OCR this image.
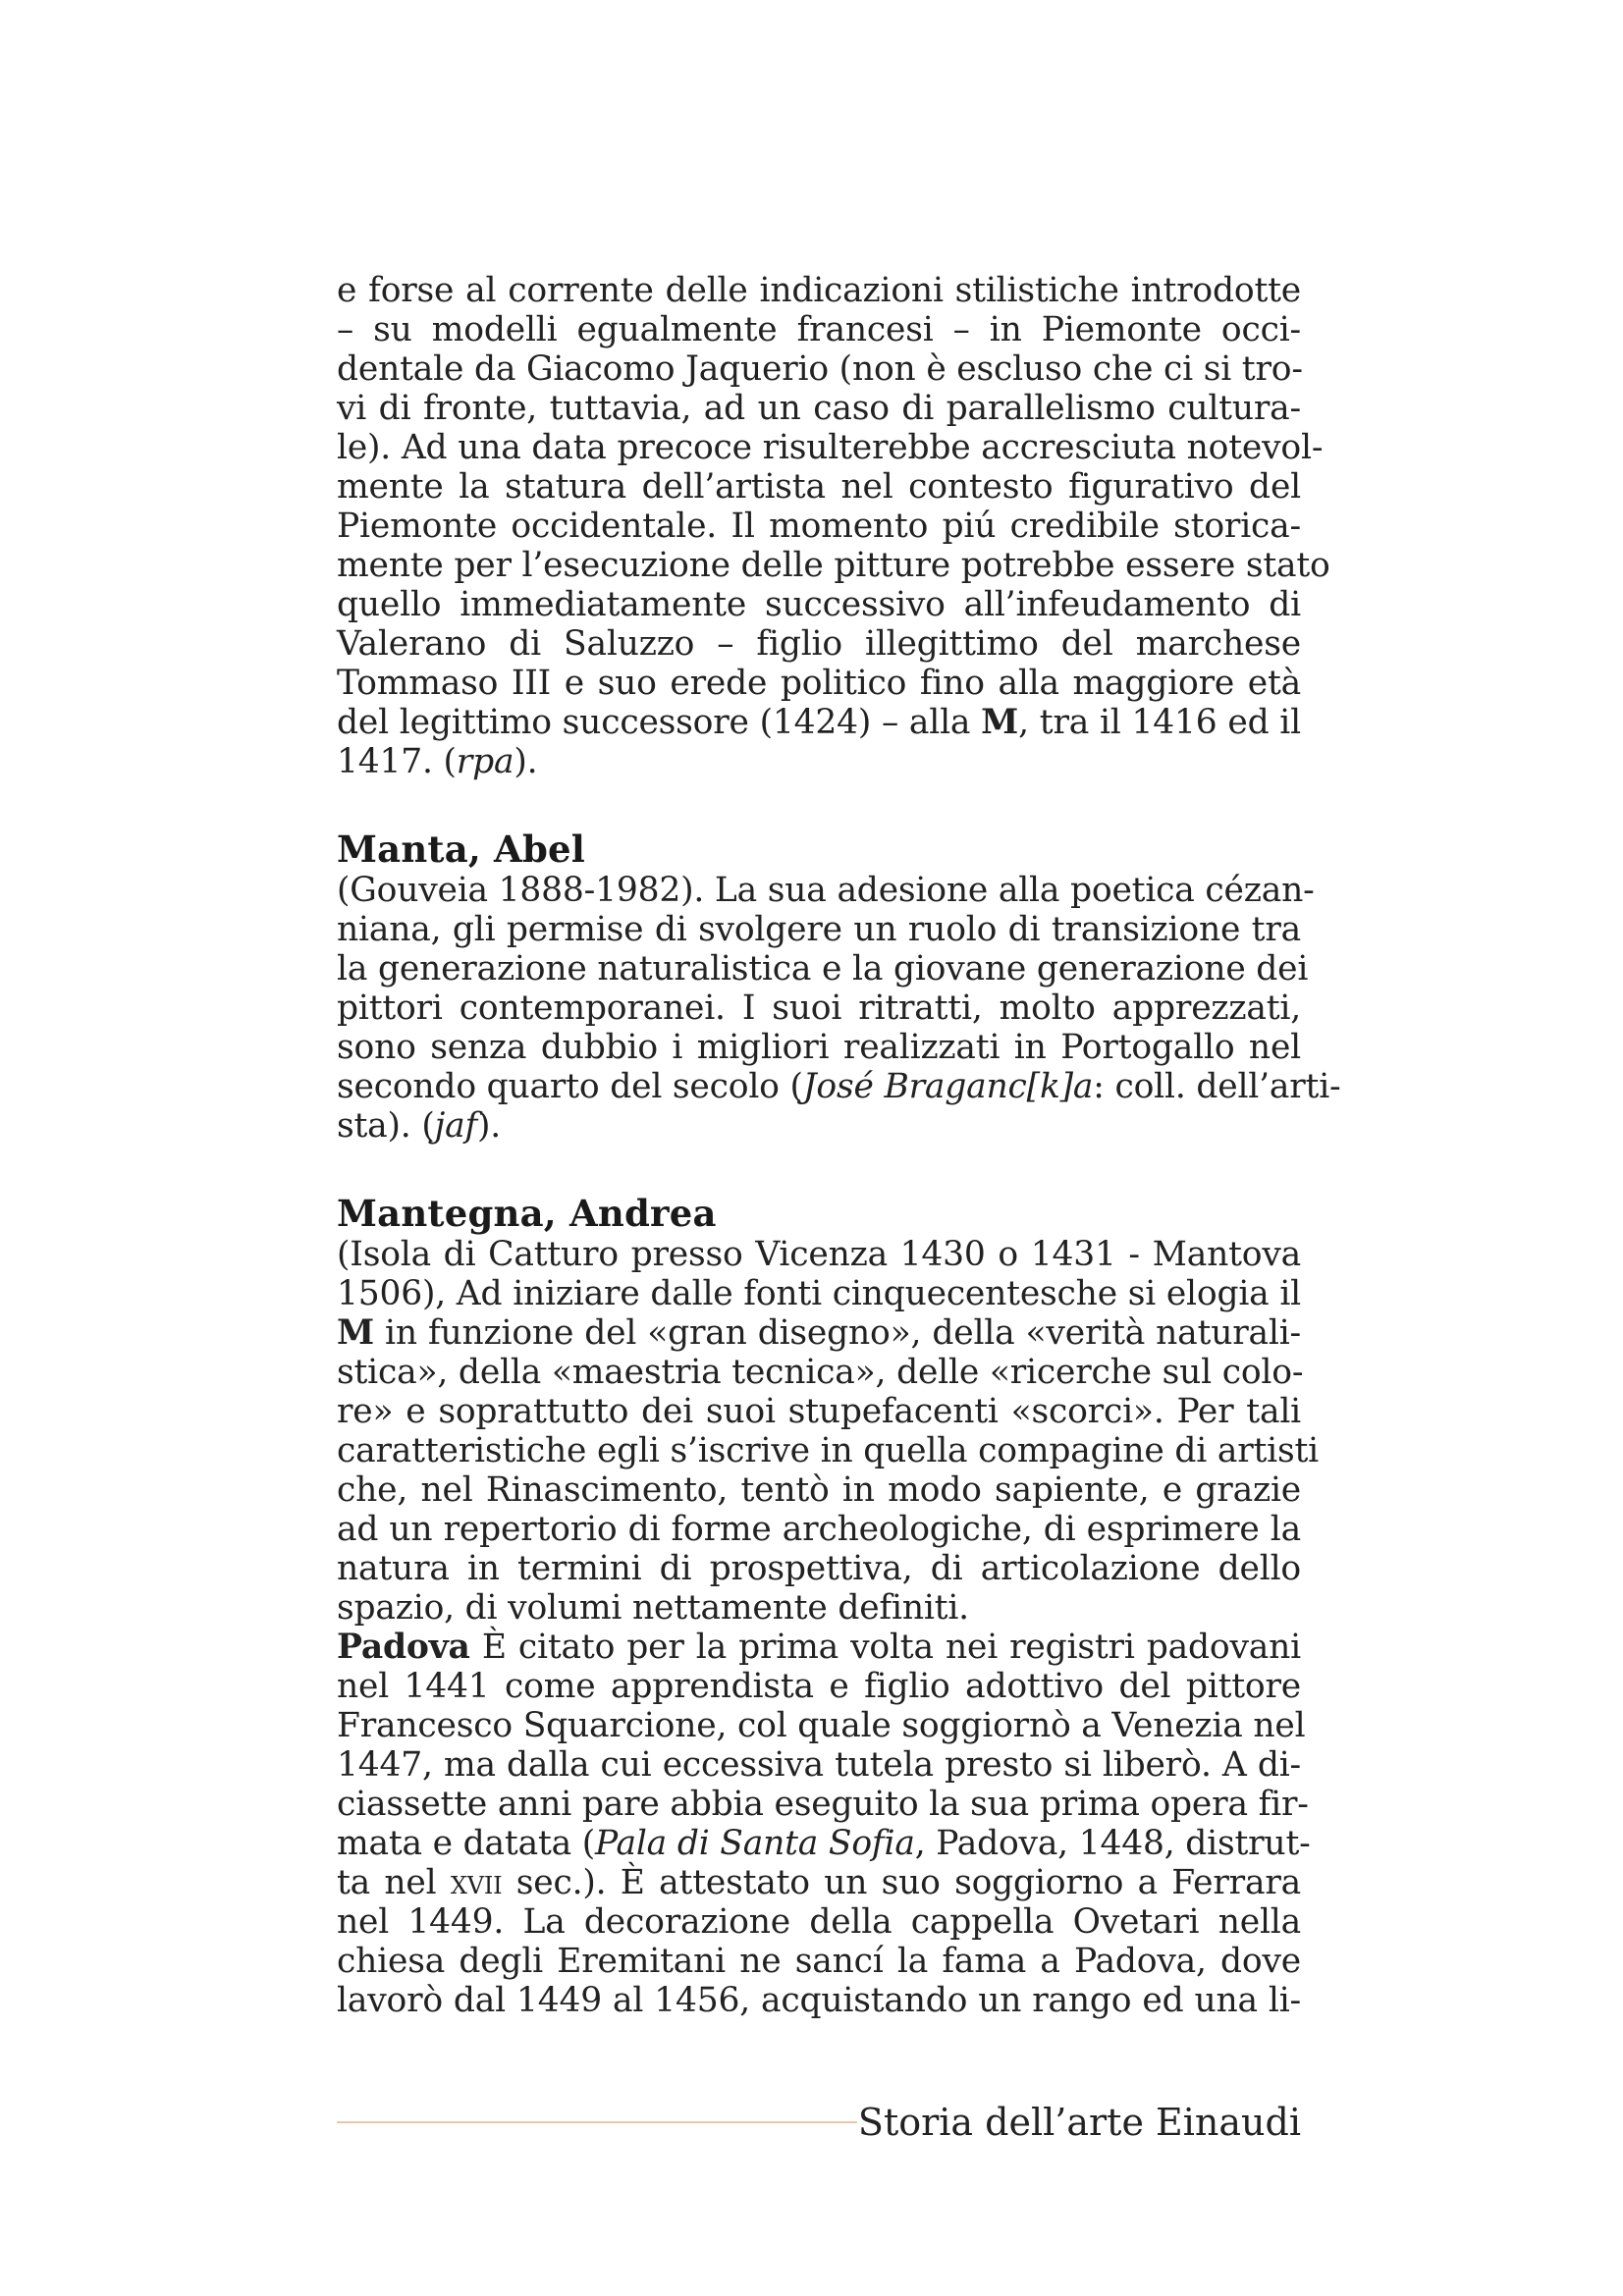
e forse al corrente delle indicazioni stilistiche introdotte
– su modelli egualmente francesi – in Piemonte occi-
dentale da Giacomo Jaquerio (non è escluso che ci si tro-
vi di fronte, tuttavia, ad un caso di parallelismo cultura-
le). Ad una data precoce risulterebbe accresciuta notevol-
mente la statura dell’artista nel contesto figurativo del
Piemonte occidentale. Il momento piú credibile storica-
mente per l’esecuzione delle pitture potrebbe essere stato
quello immediatamente successivo all’infeudamento di
Valerano di Saluzzo – figlio illegittimo del marchese
Tommaso III e suo erede politico fino alla maggiore età
del legittimo successore (1424) – alla M, tra il 1416 ed il
1417. (rpa).
Manta, Abel
(Gouveia 1888-1982). La sua adesione alla poetica cézan-
niana, gli permise di svolgere un ruolo di transizione tra
la generazione naturalistica e la giovane generazione dei
pittori contemporanei. I suoi ritratti, molto apprezzati,
sono senza dubbio i migliori realizzati in Portogallo nel
secondo quarto del secolo (José Braganc[k]a: coll. dell’arti-
sta). (jaf).
Mantegna, Andrea
(Isola di Catturo presso Vicenza 1430 o 1431 - Mantova
1506), Ad iniziare dalle fonti cinquecentesche si elogia il
M in funzione del «gran disegno», della «verità naturali-
stica», della «maestria tecnica», delle «ricerche sul colo-
re» e soprattutto dei suoi stupefacenti «scorci». Per tali
caratteristiche egli s’iscrive in quella compagine di artisti
che, nel Rinascimento, tentò in modo sapiente, e grazie
ad un repertorio di forme archeologiche, di esprimere la
natura in termini di prospettiva, di articolazione dello
spazio, di volumi nettamente definiti.
Padova È citato per la prima volta nei registri padovani
nel 1441 come apprendista e figlio adottivo del pittore
Francesco Squarcione, col quale soggiornò a Venezia nel
1447, ma dalla cui eccessiva tutela presto si liberò. A di-
ciassette anni pare abbia eseguito la sua prima opera fir-
mata e datata (Pala di Santa Sofia, Padova, 1448, distrut-
ta nel xvii sec.). È attestato un suo soggiorno a Ferrara
nel 1449. La decorazione della cappella Ovetari nella
chiesa degli Eremitani ne sancí la fama a Padova, dove
lavorò dal 1449 al 1456, acquistando un rango ed una li-
Storia dell’arte Einaudi
